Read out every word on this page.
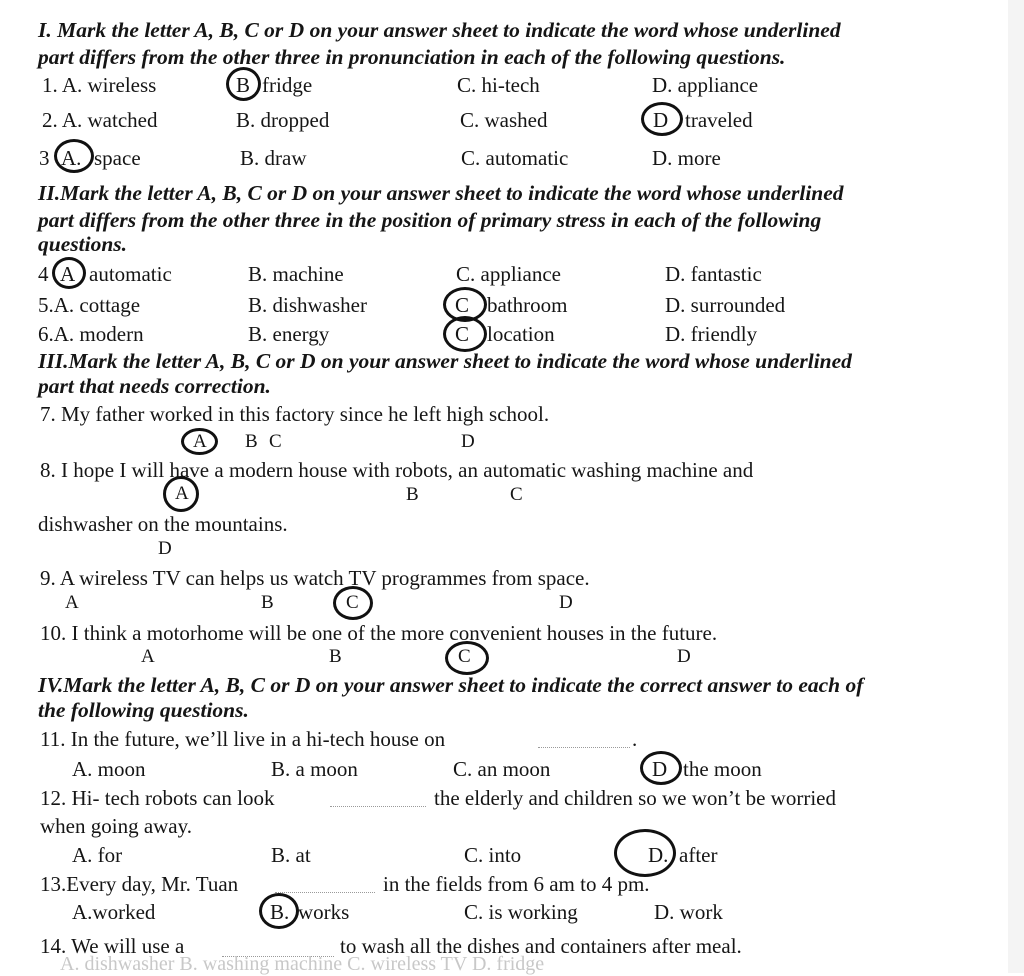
I. Mark the letter A, B, C or D on your answer sheet to indicate the word whose underlined
part differs from the other three in pronunciation in each of the following questions.
1. A. wireless	B fridge	C. hi-tech	D. appliance
2. A. watched	B. dropped	C. washed	D traveled
3 A. space	B. draw	C. automatic	D. more
II.Mark the letter A, B, C or D on your answer sheet to indicate the word whose underlined
part differs from the other three in the position of primary stress in each of the following
questions.
4 A automatic	B. machine	C. appliance	D. fantastic
5.A. cottage	B. dishwasher	C bathroom	D. surrounded
6.A. modern	B. energy	C location	D. friendly
III.Mark the letter A, B, C or D on your answer sheet to indicate the word whose underlined
part that needs correction.
7. My father worked in this factory since he left high school.
A B C	D
8. I hope I will have a modern house with robots, an automatic washing machine and
A	B	C
dishwasher on the mountains.
D
9. A wireless TV can helps us watch TV programmes from space.
A	B	C	D
10. I think a motorhome will be one of the more convenient houses in the future.
A	B	C	D
IV.Mark the letter A, B, C or D on your answer sheet to indicate the correct answer to each of
the following questions.
11. In the future, we’ll live in a hi-tech house on	.
A. moon	B. a moon	C. an moon	D the moon
12. Hi- tech robots can look	the elderly and children so we won’t be worried
when going away.
A. for	B. at	C. into	D. after
13.Every day, Mr. Tuan	in the fields from 6 am to 4 pm.
A.worked	B. works	C. is working	D. work
14. We will use a	to wash all the dishes and containers after meal.
A. dishwasher B. washing machine C. wireless TV D. fridge
